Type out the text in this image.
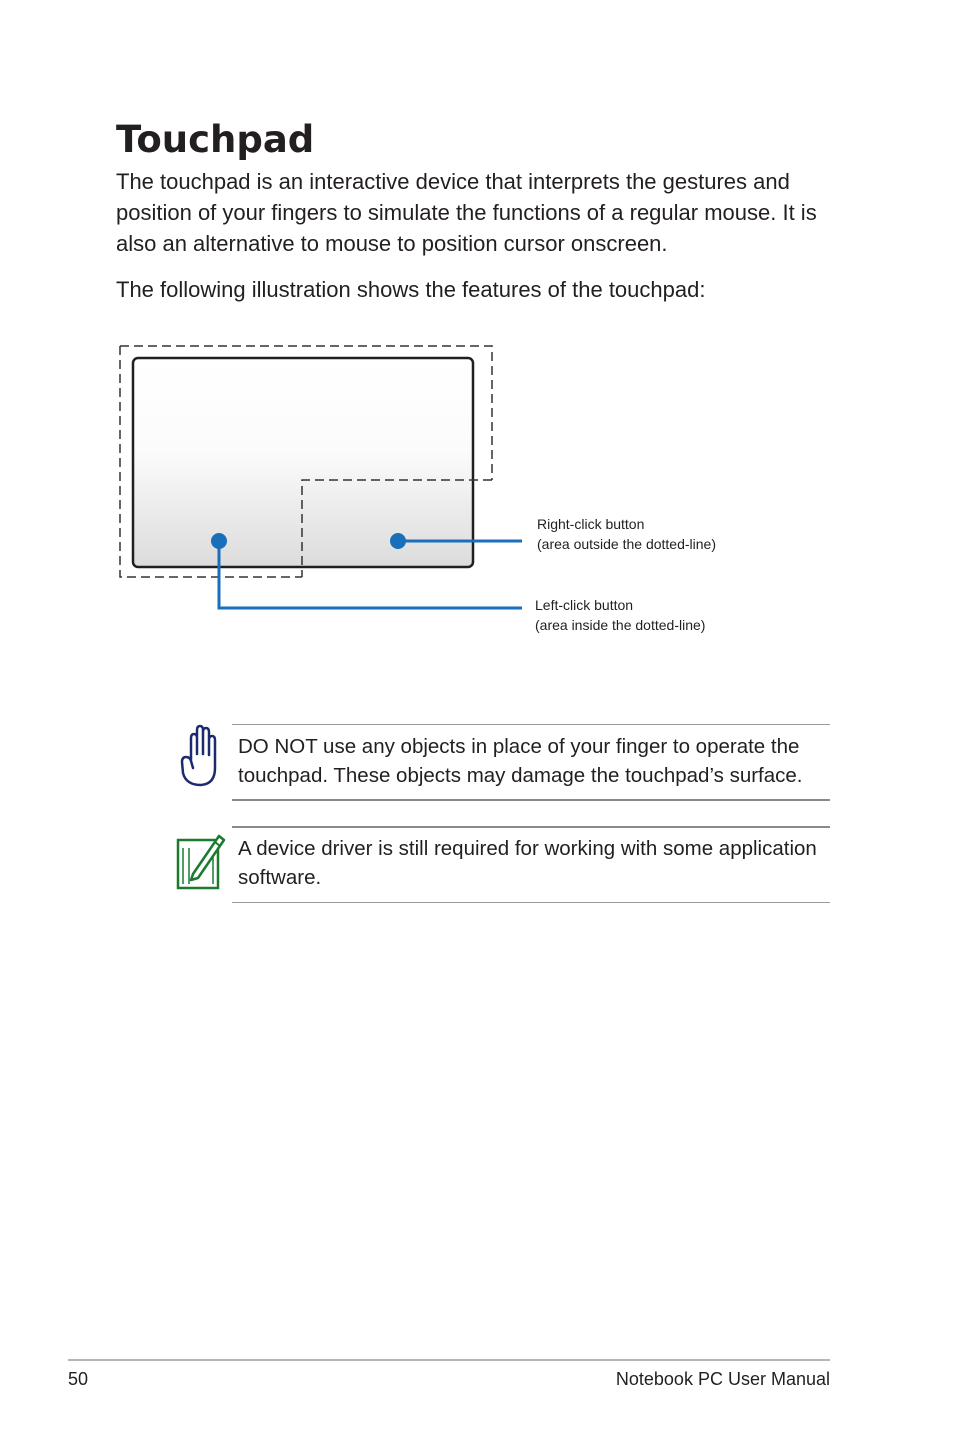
Touchpad

The touchpad is an interactive device that interprets the gestures and position of your fingers to simulate the functions of a regular mouse. It is also an alternative to mouse to position cursor onscreen.

The following illustration shows the features of the touchpad:

Right-click button
(area outside the dotted-line)
Left-click button
(area inside the dotted-line)

DO NOT use any objects in place of your finger to operate the touchpad. These objects may damage the touchpad’s surface.

A device driver is still required for working with some application software.

50	Notebook PC User Manual
